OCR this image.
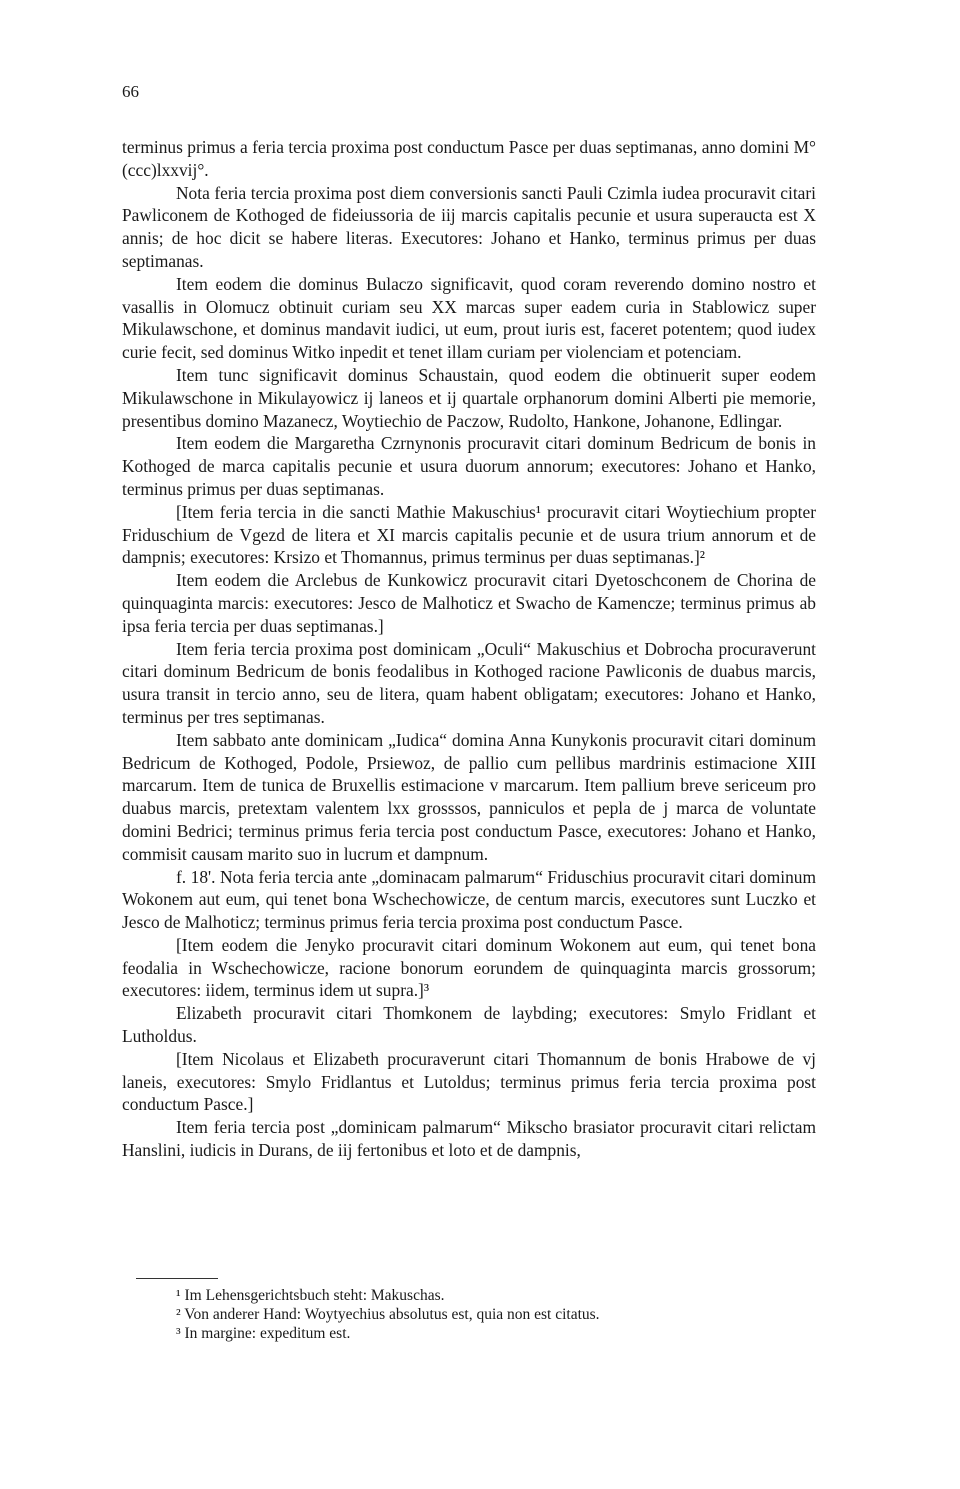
66

terminus primus a feria tercia proxima post conductum Pasce per duas septimanas, anno domini M°(ccc)lxxvij°.

Nota feria tercia proxima post diem conversionis sancti Pauli Czimla iudea procuravit citari Pawliconem de Kothoged de fideiussoria de iij marcis capitalis pecunie et usura superaucta est X annis; de hoc dicit se habere literas. Executores: Johano et Hanko, terminus primus per duas septimanas.

Item eodem die dominus Bulaczo significavit, quod coram reverendo domino nostro et vasallis in Olomucz obtinuit curiam seu XX marcas super eadem curia in Stablowicz super Mikulawschone, et dominus mandavit iudici, ut eum, prout iuris est, faceret potentem; quod iudex curie fecit, sed dominus Witko inpedit et tenet illam curiam per violenciam et potenciam.

Item tunc significavit dominus Schaustain, quod eodem die obtinuerit super eodem Mikulawschone in Mikulayowicz ij laneos et ij quartale orphanorum domini Alberti pie memorie, presentibus domino Mazanecz, Woytiechio de Paczow, Rudolto, Hankone, Johanone, Edlingar.

Item eodem die Margaretha Czrnynonis procuravit citari dominum Bedricum de bonis in Kothoged de marca capitalis pecunie et usura duorum annorum; executores: Johano et Hanko, terminus primus per duas septimanas.

[Item feria tercia in die sancti Mathie Makuschius¹ procuravit citari Woytiechium propter Friduschium de Vgezd de litera et XI marcis capitalis pecunie et de usura trium annorum et de dampnis; executores: Krsizo et Thomannus, primus terminus per duas septimanas.]²

Item eodem die Arclebus de Kunkowicz procuravit citari Dyetoschconem de Chorina de quinquaginta marcis: executores: Jesco de Malhoticz et Swacho de Kamencze; terminus primus ab ipsa feria tercia per duas septimanas.]

Item feria tercia proxima post dominicam „Oculi“ Makuschius et Dobrocha procuraverunt citari dominum Bedricum de bonis feodalibus in Kothoged racione Pawliconis de duabus marcis, usura transit in tercio anno, seu de litera, quam habent obligatam; executores: Johano et Hanko, terminus per tres septimanas.

Item sabbato ante dominicam „Iudica“ domina Anna Kunykonis procuravit citari dominum Bedricum de Kothoged, Podole, Prsiewoz, de pallio cum pellibus mardrinis estimacione XIII marcarum. Item de tunica de Bruxellis estimacione v marcarum. Item pallium breve sericeum pro duabus marcis, pretextam valentem lxx grosssos, panniculos et pepla de j marca de voluntate domini Bedrici; terminus primus feria tercia post conductum Pasce, executores: Johano et Hanko, commisit causam marito suo in lucrum et dampnum.

f. 18'. Nota feria tercia ante „dominacam palmarum“ Friduschius procuravit citari dominum Wokonem aut eum, qui tenet bona Wschechowicze, de centum marcis, executores sunt Luczko et Jesco de Malhoticz; terminus primus feria tercia proxima post conductum Pasce.

[Item eodem die Jenyko procuravit citari dominum Wokonem aut eum, qui tenet bona feodalia in Wschechowicze, racione bonorum eorundem de quinquaginta marcis grossorum; executores: iidem, terminus idem ut supra.]³

Elizabeth procuravit citari Thomkonem de laybding; executores: Smylo Fridlant et Lutholdus.

[Item Nicolaus et Elizabeth procuraverunt citari Thomannum de bonis Hrabowe de vj laneis, executores: Smylo Fridlantus et Lutoldus; terminus primus feria tercia proxima post conductum Pasce.]

Item feria tercia post „dominicam palmarum“ Mikscho brasiator procuravit citari relictam Hanslini, iudicis in Durans, de iij fertonibus et loto et de dampnis,

¹ Im Lehensgerichtsbuch steht: Makuschas.

² Von anderer Hand: Woytyechius absolutus est, quia non est citatus.

³ In margine: expeditum est.
